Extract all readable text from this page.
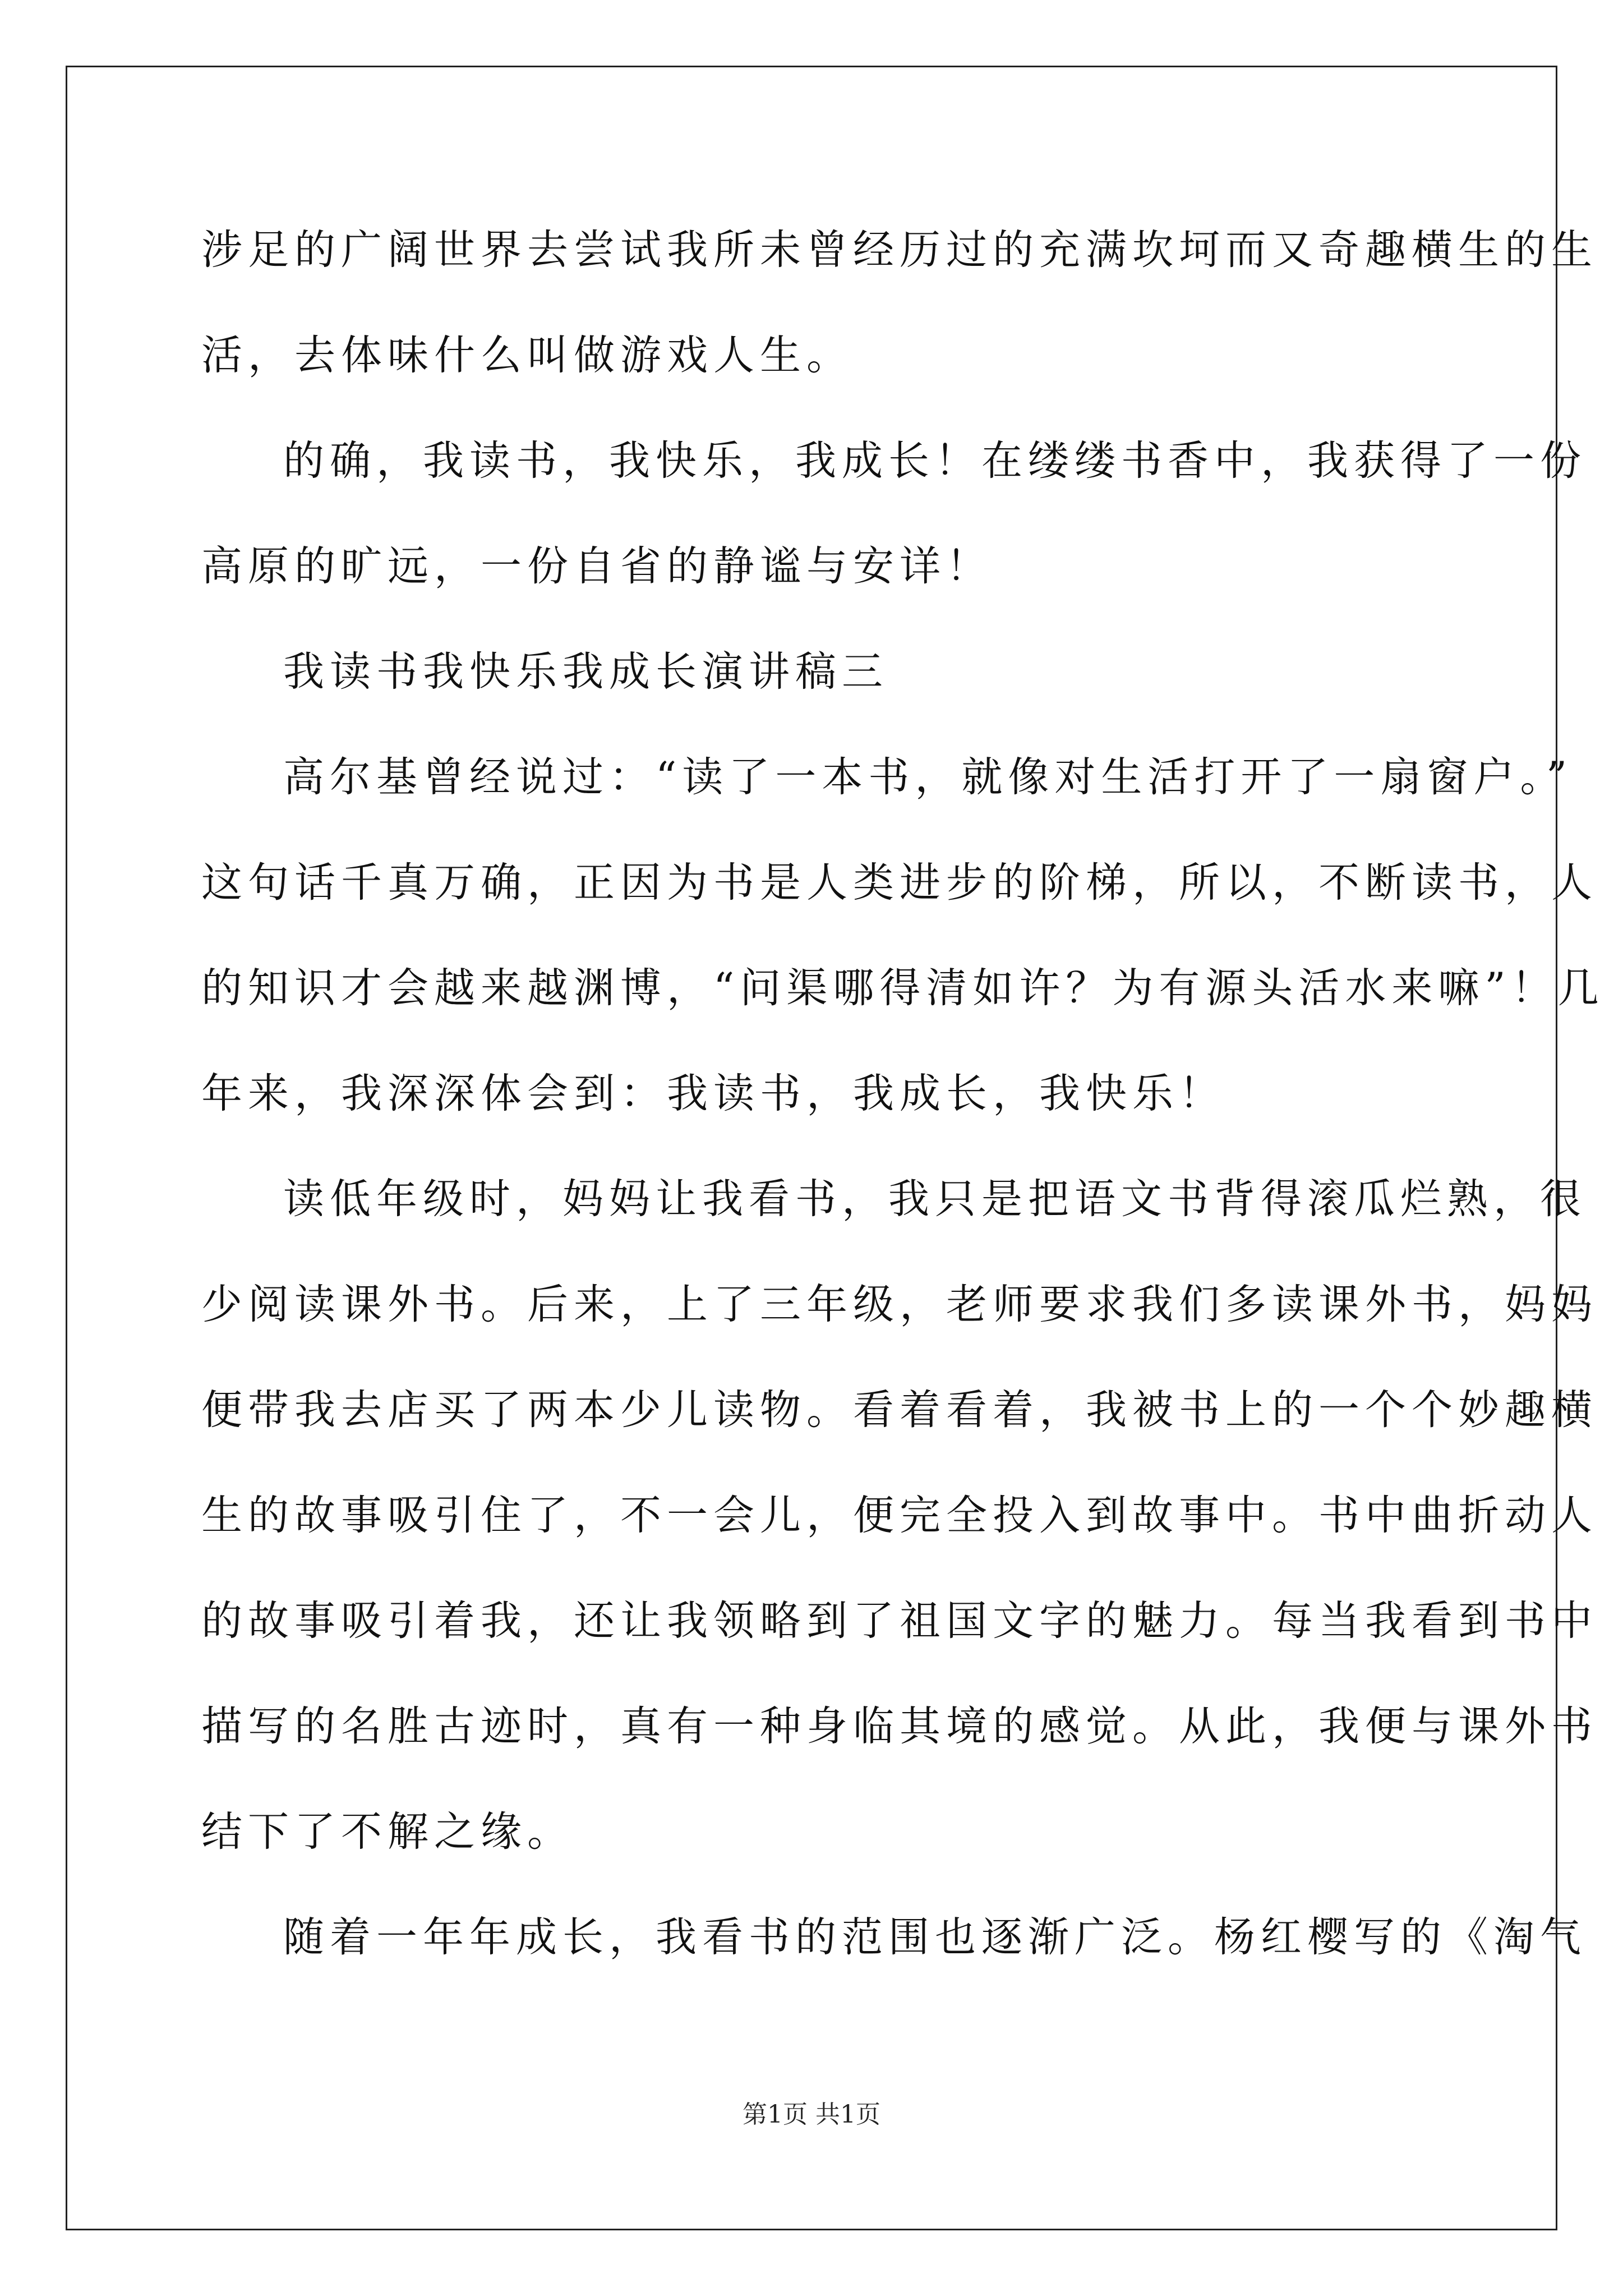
涉足的广阔世界去尝试我所未曾经历过的充满坎坷而又奇趣横生的生
活，去体味什么叫做游戏人生。
的确，我读书，我快乐，我成长！在缕缕书香中，我获得了一份
高原的旷远，一份自省的静谧与安详！
我读书我快乐我成长演讲稿三
高尔基曾经说过：“读了一本书，就像对生活打开了一扇窗户。”
这句话千真万确，正因为书是人类进步的阶梯，所以，不断读书，人
的知识才会越来越渊博，“问渠哪得清如许？为有源头活水来嘛”！几
年来，我深深体会到：我读书，我成长，我快乐！
读低年级时，妈妈让我看书，我只是把语文书背得滚瓜烂熟，很
少阅读课外书。后来，上了三年级，老师要求我们多读课外书，妈妈
便带我去店买了两本少儿读物。看着看着，我被书上的一个个妙趣横
生的故事吸引住了，不一会儿，便完全投入到故事中。书中曲折动人
的故事吸引着我，还让我领略到了祖国文字的魅力。每当我看到书中
描写的名胜古迹时，真有一种身临其境的感觉。从此，我便与课外书
结下了不解之缘。
随着一年年成长，我看书的范围也逐渐广泛。杨红樱写的《淘气
第1页 共1页
